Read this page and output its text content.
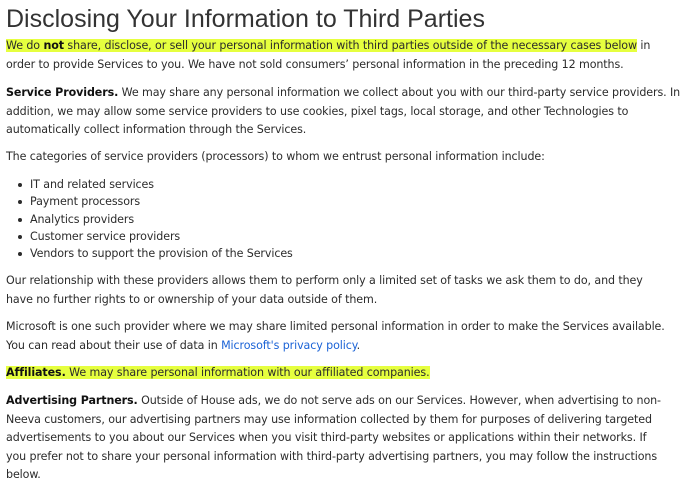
Disclosing Your Information to Third Parties

We do not share, disclose, or sell your personal information with third parties outside of the necessary cases below in
order to provide Services to you. We have not sold consumers’ personal information in the preceding 12 months.

Service Providers. We may share any personal information we collect about you with our third-party service providers. In
addition, we may allow some service providers to use cookies, pixel tags, local storage, and other Technologies to
automatically collect information through the Services.

The categories of service providers (processors) to whom we entrust personal information include:

IT and related services
Payment processors
Analytics providers
Customer service providers
Vendors to support the provision of the Services

Our relationship with these providers allows them to perform only a limited set of tasks we ask them to do, and they
have no further rights to or ownership of your data outside of them.

Microsoft is one such provider where we may share limited personal information in order to make the Services available.
You can read about their use of data in Microsoft's privacy policy.

Affiliates. We may share personal information with our affiliated companies.

Advertising Partners. Outside of House ads, we do not serve ads on our Services. However, when advertising to non-
Neeva customers, our advertising partners may use information collected by them for purposes of delivering targeted
advertisements to you about our Services when you visit third-party websites or applications within their networks. If
you prefer not to share your personal information with third-party advertising partners, you may follow the instructions
below.
